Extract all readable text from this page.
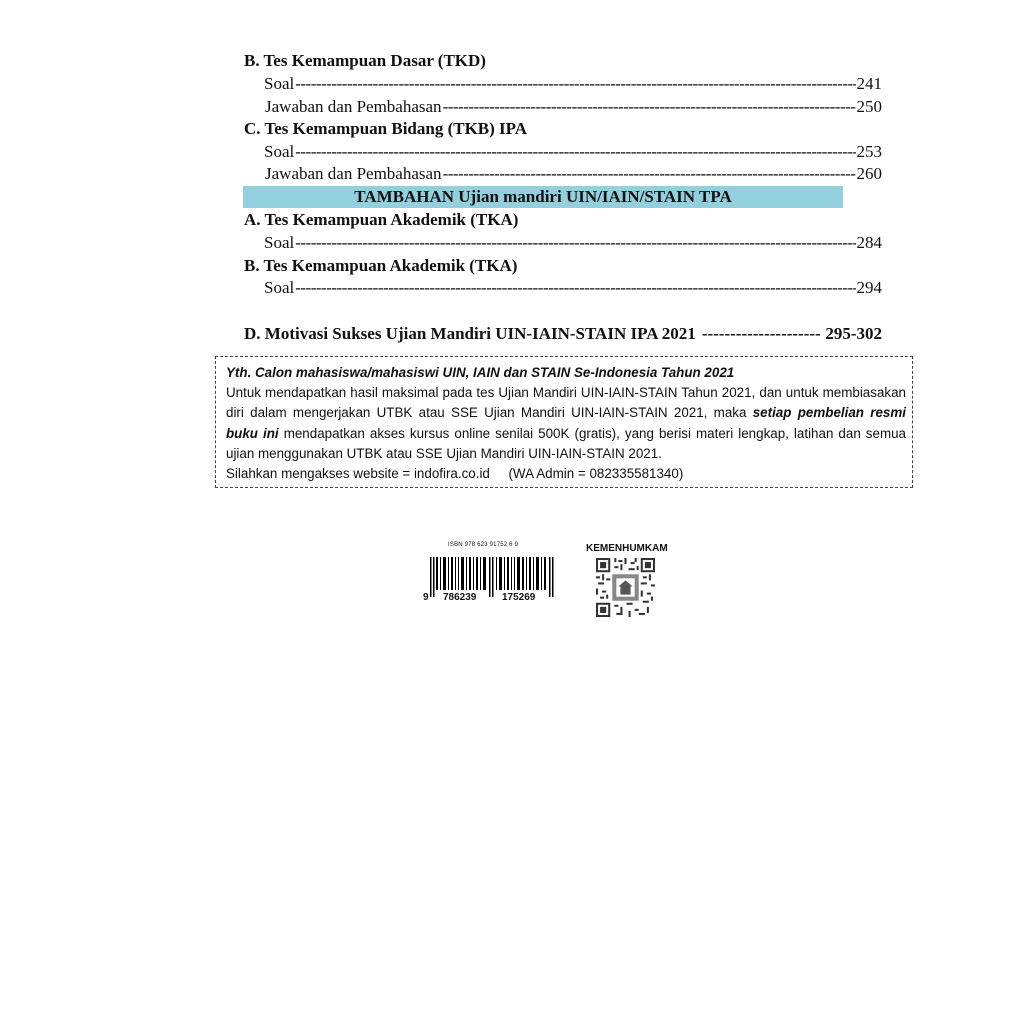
B. Tes Kemampuan Dasar (TKD)
Soal -----	241
Jawaban dan Pembahasan -----	250
C. Tes Kemampuan Bidang (TKB) IPA
Soal -----	253
Jawaban dan Pembahasan -----	260
TAMBAHAN Ujian mandiri UIN/IAIN/STAIN TPA
A. Tes Kemampuan Akademik (TKA)
Soal -----	284
B. Tes Kemampuan Akademik (TKA)
Soal -----	294
D. Motivasi Sukses Ujian Mandiri UIN-IAIN-STAIN IPA 2021 -----	295-302
Yth. Calon mahasiswa/mahasiswi UIN, IAIN dan STAIN Se-Indonesia Tahun 2021

Untuk mendapatkan hasil maksimal pada tes Ujian Mandiri UIN-IAIN-STAIN Tahun 2021, dan untuk membiasakan diri dalam mengerjakan UTBK atau SSE Ujian Mandiri UIN-IAIN-STAIN 2021, maka setiap pembelian resmi buku ini mendapatkan akses kursus online senilai 500K (gratis), yang berisi materi lengkap, latihan dan semua ujian menggunakan UTBK atau SSE Ujian Mandiri UIN-IAIN-STAIN 2021.

Silahkan mengakses website = indofira.co.id     (WA Admin = 082335581340)
ISBN 978 623 91752 6 9
9 786239	175269
KEMENHUMKAM
